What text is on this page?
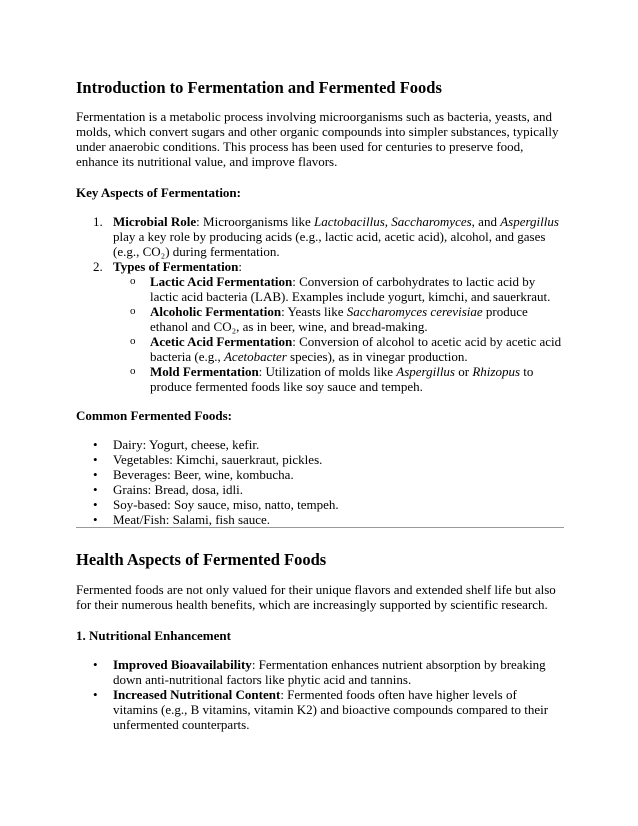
Introduction to Fermentation and Fermented Foods

Fermentation is a metabolic process involving microorganisms such as bacteria, yeasts, and molds, which convert sugars and other organic compounds into simpler substances, typically under anaerobic conditions. This process has been used for centuries to preserve food, enhance its nutritional value, and improve flavors.

Key Aspects of Fermentation:
1. Microbial Role: Microorganisms like Lactobacillus, Saccharomyces, and Aspergillus play a key role by producing acids (e.g., lactic acid, acetic acid), alcohol, and gases (e.g., CO₂) during fermentation.
2. Types of Fermentation:
o Lactic Acid Fermentation: Conversion of carbohydrates to lactic acid by lactic acid bacteria (LAB). Examples include yogurt, kimchi, and sauerkraut.
o Alcoholic Fermentation: Yeasts like Saccharomyces cerevisiae produce ethanol and CO₂, as in beer, wine, and bread-making.
o Acetic Acid Fermentation: Conversion of alcohol to acetic acid by acetic acid bacteria (e.g., Acetobacter species), as in vinegar production.
o Mold Fermentation: Utilization of molds like Aspergillus or Rhizopus to produce fermented foods like soy sauce and tempeh.
Common Fermented Foods:
• Dairy: Yogurt, cheese, kefir.
• Vegetables: Kimchi, sauerkraut, pickles.
• Beverages: Beer, wine, kombucha.
• Grains: Bread, dosa, idli.
• Soy-based: Soy sauce, miso, natto, tempeh.
• Meat/Fish: Salami, fish sauce.
Health Aspects of Fermented Foods

Fermented foods are not only valued for their unique flavors and extended shelf life but also for their numerous health benefits, which are increasingly supported by scientific research.

1. Nutritional Enhancement
• Improved Bioavailability: Fermentation enhances nutrient absorption by breaking down anti-nutritional factors like phytic acid and tannins.
• Increased Nutritional Content: Fermented foods often have higher levels of vitamins (e.g., B vitamins, vitamin K2) and bioactive compounds compared to their unfermented counterparts.
